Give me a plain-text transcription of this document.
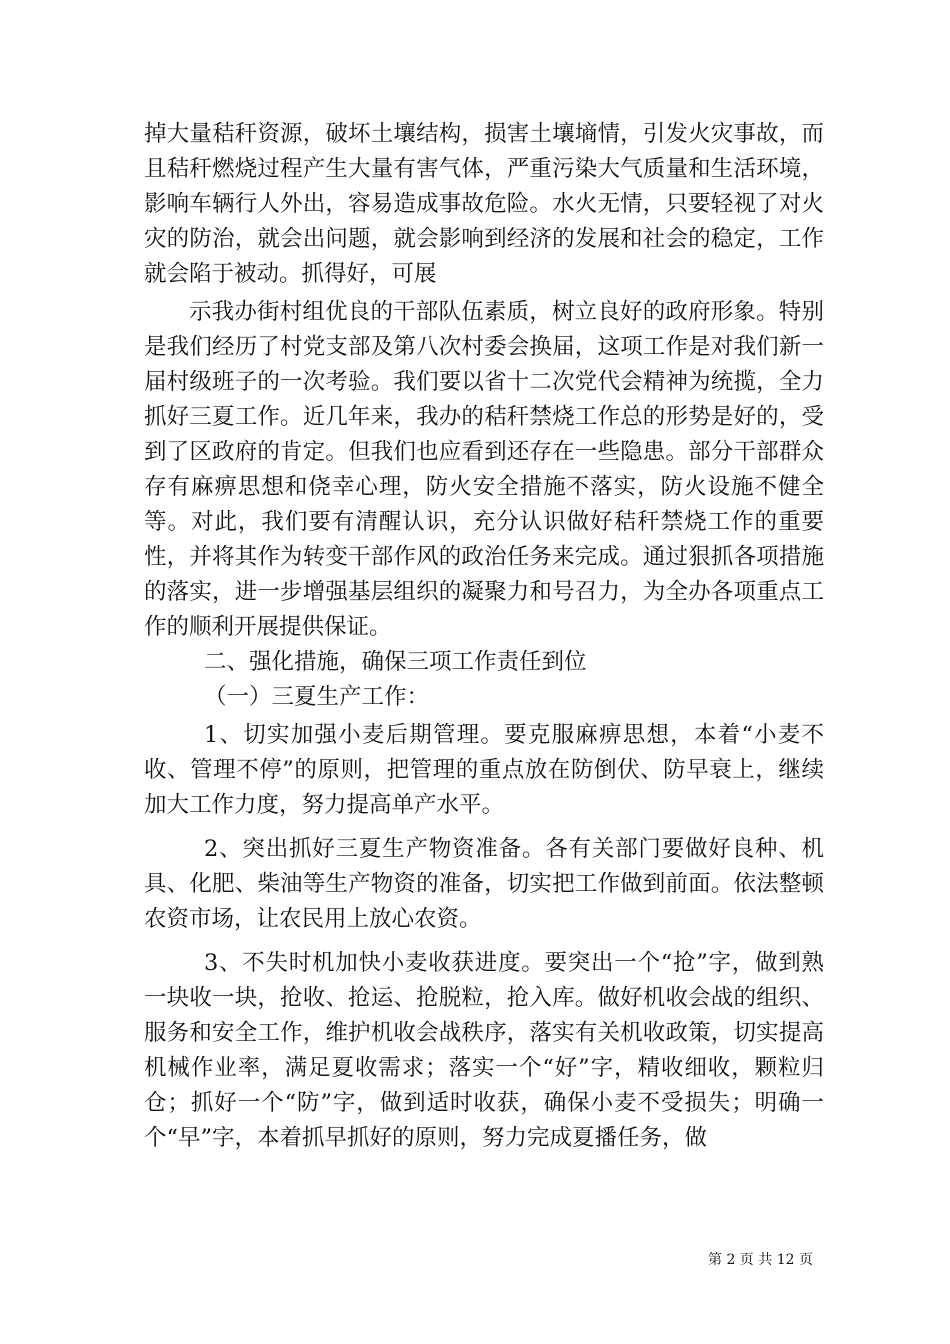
掉大量秸秆资源，破坏土壤结构，损害土壤墒情，引发火灾事故，而且秸秆燃烧过程产生大量有害气体，严重污染大气质量和生活环境，影响车辆行人外出，容易造成事故危险。水火无情，只要轻视了对火灾的防治，就会出问题，就会影响到经济的发展和社会的稳定，工作就会陷于被动。抓得好，可展

示我办街村组优良的干部队伍素质，树立良好的政府形象。特别是我们经历了村党支部及第八次村委会换届，这项工作是对我们新一届村级班子的一次考验。我们要以省十二次党代会精神为统揽，全力抓好三夏工作。近几年来，我办的秸秆禁烧工作总的形势是好的，受到了区政府的肯定。但我们也应看到还存在一些隐患。部分干部群众存有麻痹思想和侥幸心理，防火安全措施不落实，防火设施不健全等。对此，我们要有清醒认识，充分认识做好秸秆禁烧工作的重要性，并将其作为转变干部作风的政治任务来完成。通过狠抓各项措施的落实，进一步增强基层组织的凝聚力和号召力，为全办各项重点工作的顺利开展提供保证。

二、强化措施，确保三项工作责任到位

（一）三夏生产工作：

1、切实加强小麦后期管理。要克服麻痹思想，本着“小麦不收、管理不停”的原则，把管理的重点放在防倒伏、防早衰上，继续加大工作力度，努力提高单产水平。

2、突出抓好三夏生产物资准备。各有关部门要做好良种、机具、化肥、柴油等生产物资的准备，切实把工作做到前面。依法整顿农资市场，让农民用上放心农资。

3、不失时机加快小麦收获进度。要突出一个“抢”字，做到熟一块收一块，抢收、抢运、抢脱粒，抢入库。做好机收会战的组织、服务和安全工作，维护机收会战秩序，落实有关机收政策，切实提高机械作业率，满足夏收需求；落实一个“好”字，精收细收，颗粒归仓；抓好一个“防”字，做到适时收获，确保小麦不受损失；明确一个“早”字，本着抓早抓好的原则，努力完成夏播任务，做

第 2 页 共 12 页
